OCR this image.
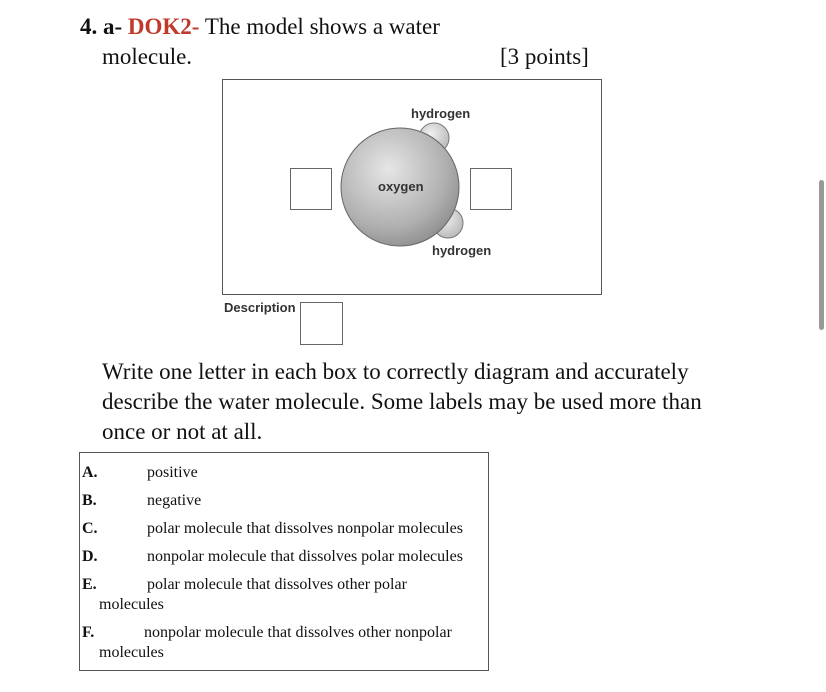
4. a- DOK2- The model shows a water
molecule.	[3 points]
hydrogen
oxygen
hydrogen
Description
Write one letter in each box to correctly diagram and accurately describe the water molecule. Some labels may be used more than once or not at all.
A.	positive
B.	negative
C.	polar molecule that dissolves nonpolar molecules
D.	nonpolar molecule that dissolves polar molecules
E.	polar molecule that dissolves other polar
molecules
F.	nonpolar molecule that dissolves other nonpolar
molecules
